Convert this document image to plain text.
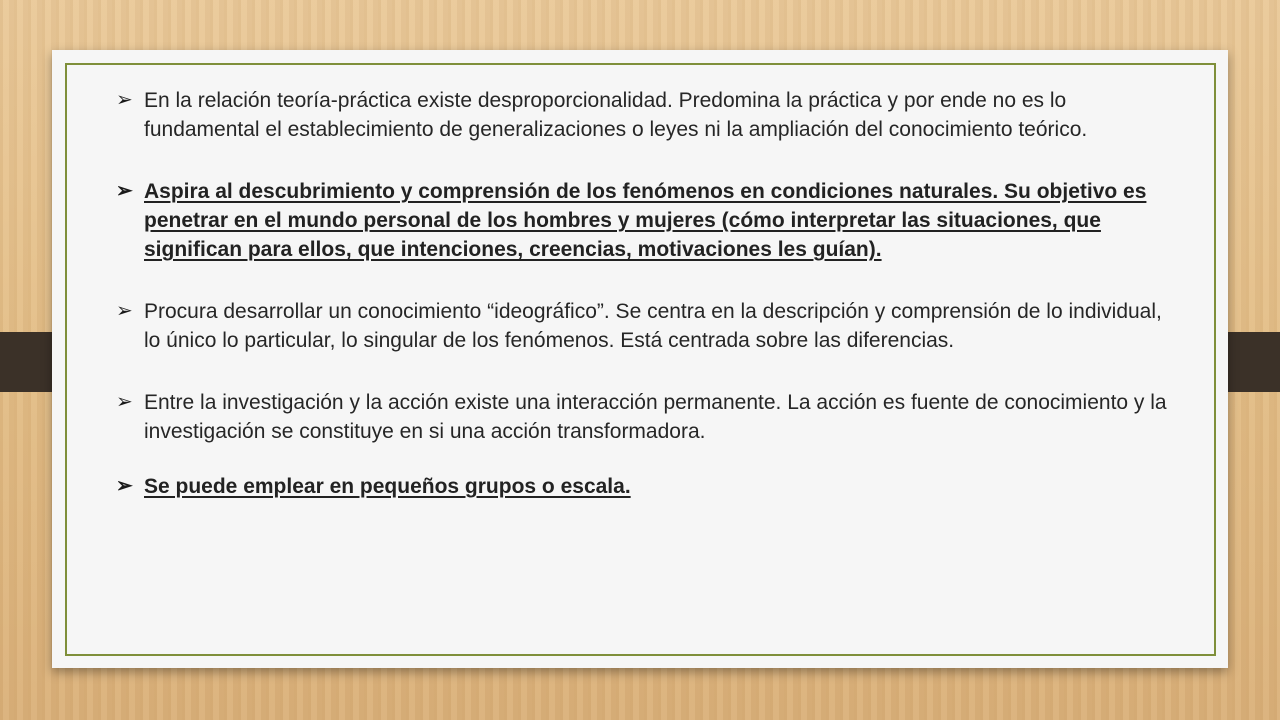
➢ En la relación teoría-práctica existe desproporcionalidad. Predomina la práctica y por ende no es lo fundamental el establecimiento de generalizaciones o leyes ni la ampliación del conocimiento teórico.
➢ Aspira al descubrimiento y comprensión de los fenómenos en condiciones naturales. Su objetivo es penetrar en el mundo personal de los hombres y mujeres (cómo interpretar las situaciones, que significan para ellos, que intenciones, creencias, motivaciones les guían).
➢ Procura desarrollar un conocimiento “ideográfico”. Se centra en la descripción y comprensión de lo individual, lo único lo particular, lo singular de los fenómenos. Está centrada sobre las diferencias.
➢ Entre la investigación y la acción existe una interacción permanente. La acción es fuente de conocimiento y la investigación se constituye en si una acción transformadora.
➢ Se puede emplear en pequeños grupos o escala.
